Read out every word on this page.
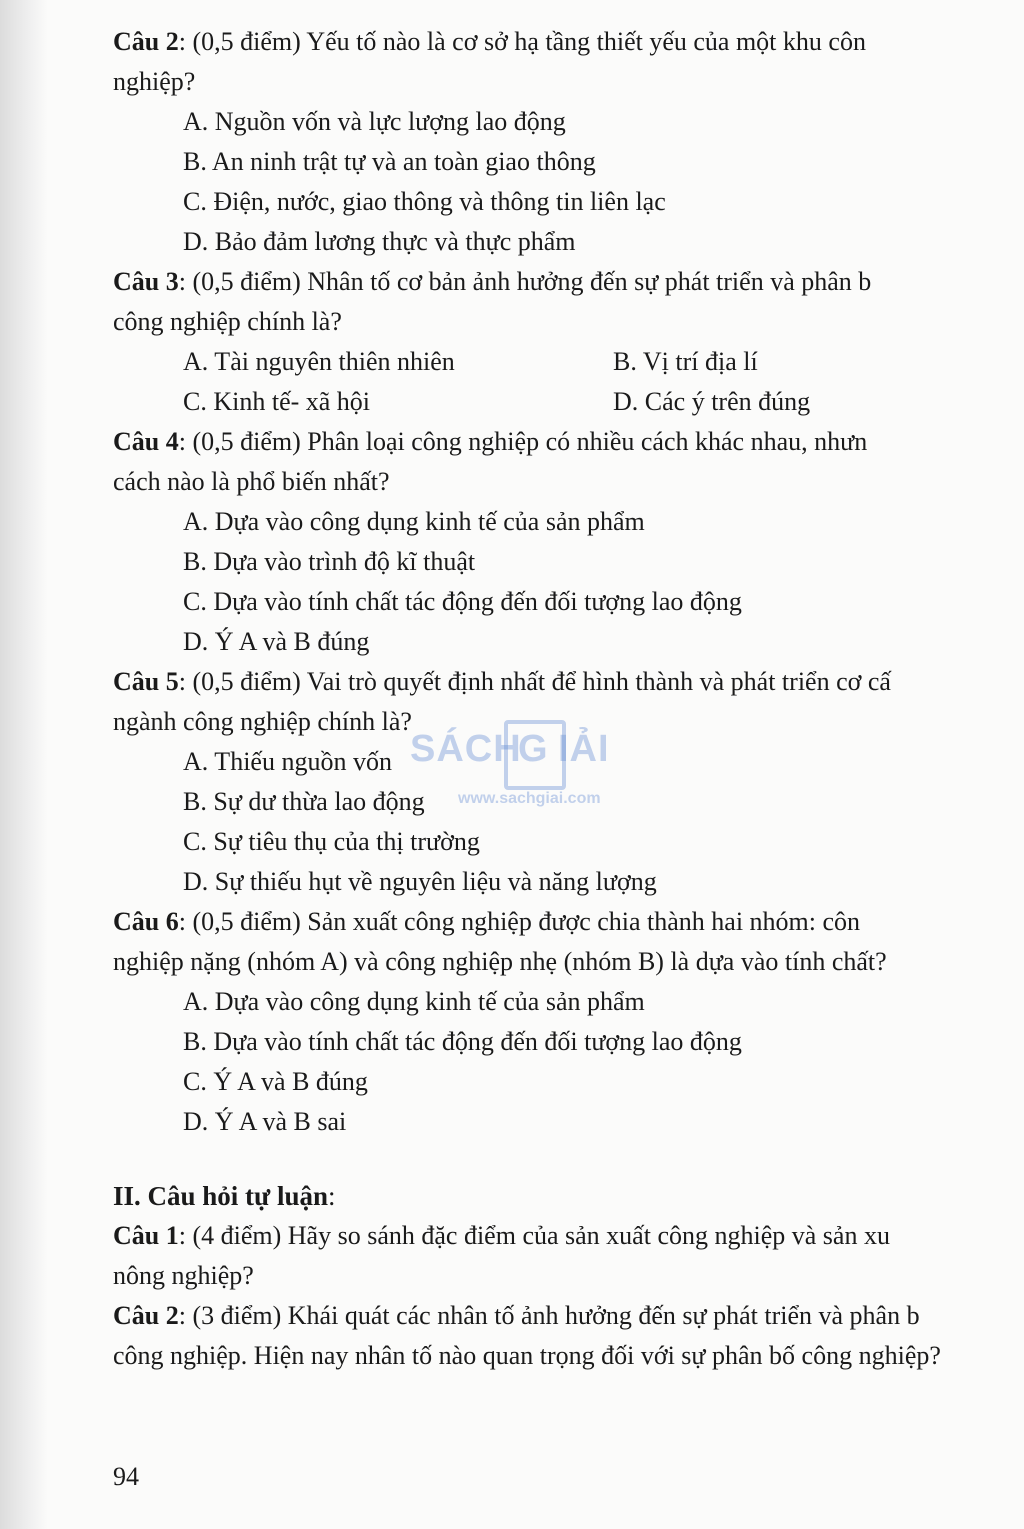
Câu 2: (0,5 điểm) Yếu tố nào là cơ sở hạ tầng thiết yếu của một khu côn
nghiệp?
A. Nguồn vốn và lực lượng lao động
B. An ninh trật tự và an toàn giao thông
C. Điện, nước, giao thông và thông tin liên lạc
D. Bảo đảm lương thực và thực phẩm
Câu 3: (0,5 điểm) Nhân tố cơ bản ảnh hưởng đến sự phát triển và phân b
công nghiệp chính là?
A. Tài nguyên thiên nhiên	B. Vị trí địa lí
C. Kinh tế- xã hội	D. Các ý trên đúng
Câu 4: (0,5 điểm) Phân loại công nghiệp có nhiều cách khác nhau, nhưn
cách nào là phổ biến nhất?
A. Dựa vào công dụng kinh tế của sản phẩm
B. Dựa vào trình độ kĩ thuật
C. Dựa vào tính chất tác động đến đối tượng lao động
D. Ý A và B đúng
Câu 5: (0,5 điểm) Vai trò quyết định nhất để hình thành và phát triển cơ cấ
ngành công nghiệp chính là?
A. Thiếu nguồn vốn
B. Sự dư thừa lao động
C. Sự tiêu thụ của thị trường
D. Sự thiếu hụt về nguyên liệu và năng lượng
Câu 6: (0,5 điểm) Sản xuất công nghiệp được chia thành hai nhóm: côn
nghiệp nặng (nhóm A) và công nghiệp nhẹ (nhóm B) là dựa vào tính chất?
A. Dựa vào công dụng kinh tế của sản phẩm
B. Dựa vào tính chất tác động đến đối tượng lao động
C. Ý A và B đúng
D. Ý A và B sai
II. Câu hỏi tự luận:
Câu 1: (4 điểm) Hãy so sánh đặc điểm của sản xuất công nghiệp và sản xu
nông nghiệp?
Câu 2: (3 điểm) Khái quát các nhân tố ảnh hưởng đến sự phát triển và phân b
công nghiệp. Hiện nay nhân tố nào quan trọng đối với sự phân bố công nghiệp?
SÁCH
G IẢI
www.sachgiai.com
94
